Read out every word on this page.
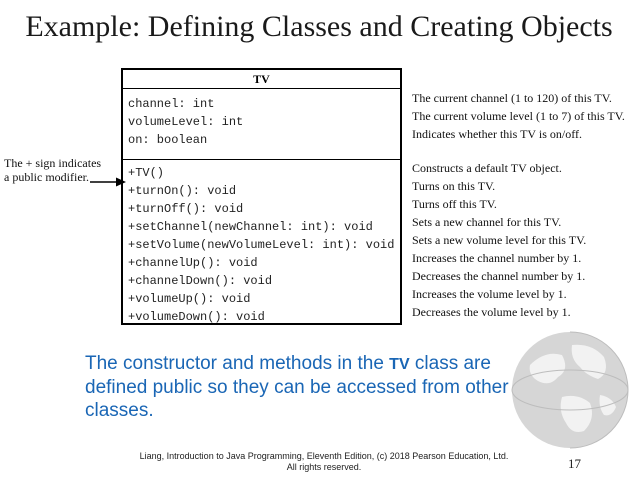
Example: Defining Classes and Creating Objects
TV
channel: int
volumeLevel: int
on: boolean
+TV()
+turnOn(): void
+turnOff(): void
+setChannel(newChannel: int): void
+setVolume(newVolumeLevel: int): void
+channelUp(): void
+channelDown(): void
+volumeUp(): void
+volumeDown(): void
The current channel (1 to 120) of this TV.
The current volume level (1 to 7) of this TV.
Indicates whether this TV is on/off.
Constructs a default TV object.
Turns on this TV.
Turns off this TV.
Sets a new channel for this TV.
Sets a new volume level for this TV.
Increases the channel number by 1.
Decreases the channel number by 1.
Increases the volume level by 1.
Decreases the volume level by 1.
The + sign indicates
a public modifier.
The constructor and methods in the TV class are defined public so they can be accessed from other classes.
Liang, Introduction to Java Programming, Eleventh Edition, (c) 2018 Pearson Education, Ltd.
All rights reserved.	17
